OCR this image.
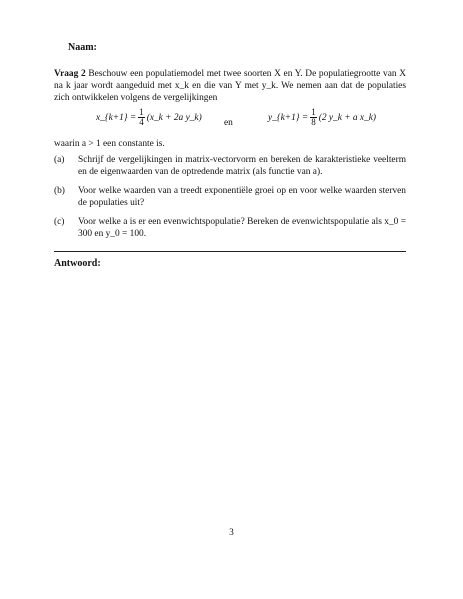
Naam:
Vraag 2 Beschouw een populatiemodel met twee soorten X en Y. De populatiegrootte van X na k jaar wordt aangeduid met x_k en die van Y met y_k. We nemen aan dat de populaties zich ontwikkelen volgens de vergelijkingen
x_{k+1} = $\frac{1}{4}$ (x_k + 2a y_k)
en
y_{k+1} = $\frac{1}{8} (2$ y_k + a x_k)
waarin a > 1 een constante is.
(a)	Schrijf de vergelijkingen in matrix-vectorvorm en bereken de karakteristieke veelterm en de eigenwaarden van de optredende matrix (als functie van a).
(b)	Voor welke waarden van a treedt exponentiële groei op en voor welke waarden sterven de populaties uit?
(c)	Voor welke a is er een evenwichtspopulatie? Bereken de evenwichtspopulatie als x_0 = 300 en y_0 = 100.
Antwoord:
3
